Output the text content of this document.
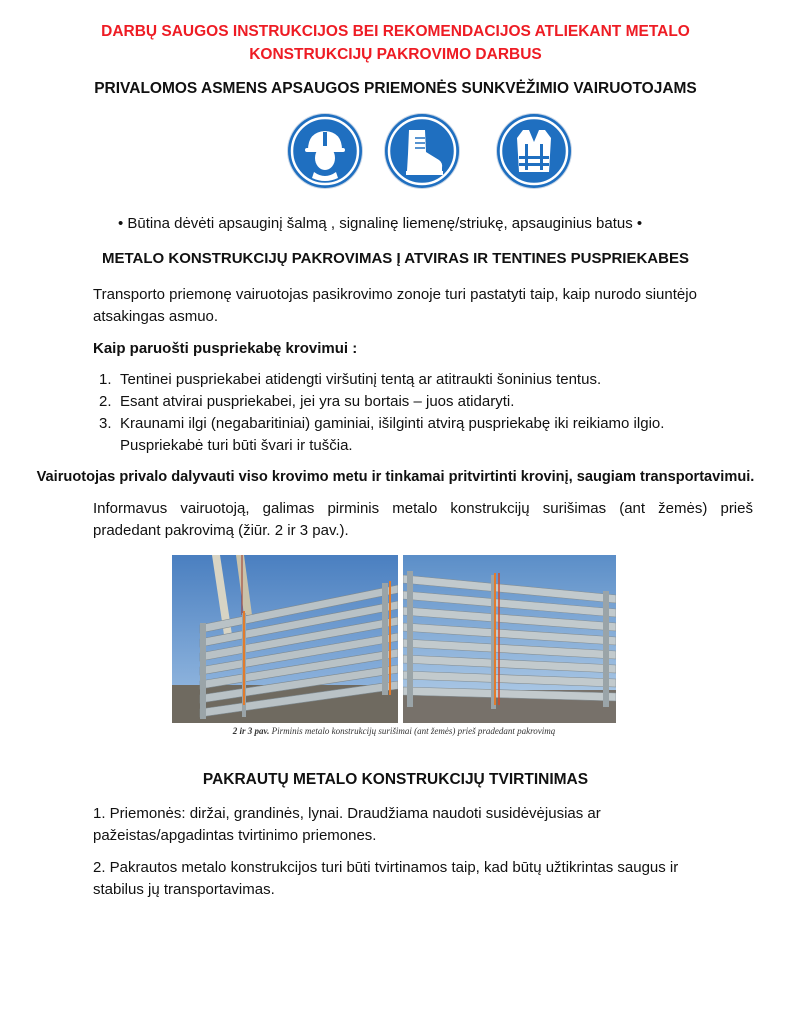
DARBŲ SAUGOS INSTRUKCIJOS BEI REKOMENDACIJOS ATLIEKANT METALO
KONSTRUKCIJŲ PAKROVIMO DARBUS
PRIVALOMOS ASMENS APSAUGOS PRIEMONĖS SUNKVĖŽIMIO VAIRUOTOJAMS
• Būtina dėvėti apsauginį šalmą , signalinę liemenę/striukę, apsauginius batus •
METALO KONSTRUKCIJŲ PAKROVIMAS Į ATVIRAS IR TENTINES PUSPRIEKABES
Transporto priemonę vairuotojas pasikrovimo zonoje turi pastatyti taip, kaip nurodo siuntėjo
atsakingas asmuo.
Kaip paruošti puspriekabę krovimui :
1. Tentinei puspriekabei atidengti viršutinį tentą ar atitraukti šoninius tentus.
2. Esant atvirai puspriekabei, jei yra su bortais – juos atidaryti.
3. Kraunami ilgi (negabaritiniai) gaminiai, išilginti atvirą puspriekabę iki reikiamo ilgio.
Puspriekabė turi būti švari ir tuščia.
Vairuotojas privalo dalyvauti viso krovimo metu ir tinkamai pritvirtinti krovinį, saugiam transportavimui.
Informavus vairuotoją, galimas pirminis metalo konstrukcijų surišimas (ant žemės) prieš
pradedant pakrovimą (žiūr. 2 ir 3 pav.).
2 ir 3 pav. Pirminis metalo konstrukcijų surišimai (ant žemės) prieš pradedant pakrovimą
PAKRAUTŲ METALO KONSTRUKCIJŲ TVIRTINIMAS
1. Priemonės: diržai, grandinės, lynai. Draudžiama naudoti susidėvėjusias ar
pažeistas/apgadintas tvirtinimo priemones.
2. Pakrautos metalo konstrukcijos turi būti tvirtinamos taip, kad būtų užtikrintas saugus ir
stabilus jų transportavimas.
